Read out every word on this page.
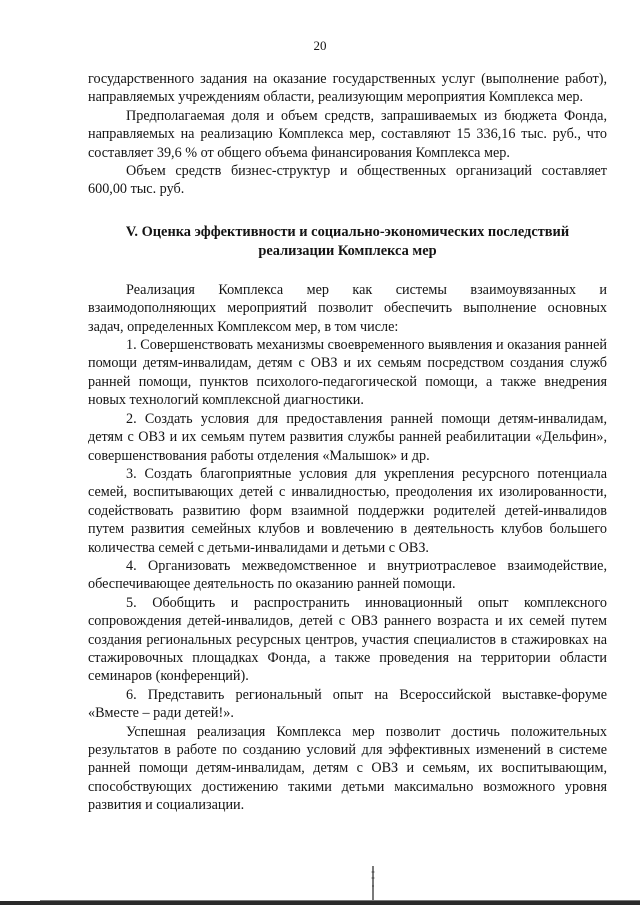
20

государственного задания на оказание государственных услуг (выполнение работ), направляемых учреждениям области, реализующим мероприятия Комплекса мер.

Предполагаемая доля и объем средств, запрашиваемых из бюджета Фонда, направляемых на реализацию Комплекса мер, составляют 15 336,16 тыс. руб., что составляет 39,6 % от общего объема финансирования Комплекса мер.

Объем средств бизнес-структур и общественных организаций составляет 600,00 тыс. руб.

V. Оценка эффективности и социально-экономических последствий
реализации Комплекса мер

Реализация Комплекса мер как системы взаимоувязанных и взаимодополняющих мероприятий позволит обеспечить выполнение основных задач, определенных Комплексом мер, в том числе:

1. Совершенствовать механизмы своевременного выявления и оказания ранней помощи детям-инвалидам, детям с ОВЗ и их семьям посредством создания служб ранней помощи, пунктов психолого-педагогической помощи, а также внедрения новых технологий комплексной диагностики.

2. Создать условия для предоставления ранней помощи детям-инвалидам, детям с ОВЗ и их семьям путем развития службы ранней реабилитации «Дельфин», совершенствования работы отделения «Малышок» и др.

3. Создать благоприятные условия для укрепления ресурсного потенциала семей, воспитывающих детей с инвалидностью, преодоления их изолированности, содействовать развитию форм взаимной поддержки родителей детей-инвалидов путем развития семейных клубов и вовлечению в деятельность клубов большего количества семей с детьми-инвалидами и детьми с ОВЗ.

4. Организовать межведомственное и внутриотраслевое взаимодействие, обеспечивающее деятельность по оказанию ранней помощи.

5. Обобщить и распространить инновационный опыт комплексного сопровождения детей-инвалидов, детей с ОВЗ раннего возраста и их семей путем создания региональных ресурсных центров, участия специалистов в стажировках на стажировочных площадках Фонда, а также проведения на территории области семинаров (конференций).

6. Представить региональный опыт на Всероссийской выставке-форуме «Вместе – ради детей!».

Успешная реализация Комплекса мер позволит достичь положительных результатов в работе по созданию условий для эффективных изменений в системе ранней помощи детям-инвалидам, детям с ОВЗ и семьям, их воспитывающим, способствующих достижению такими детьми максимально возможного уровня развития и социализации.
